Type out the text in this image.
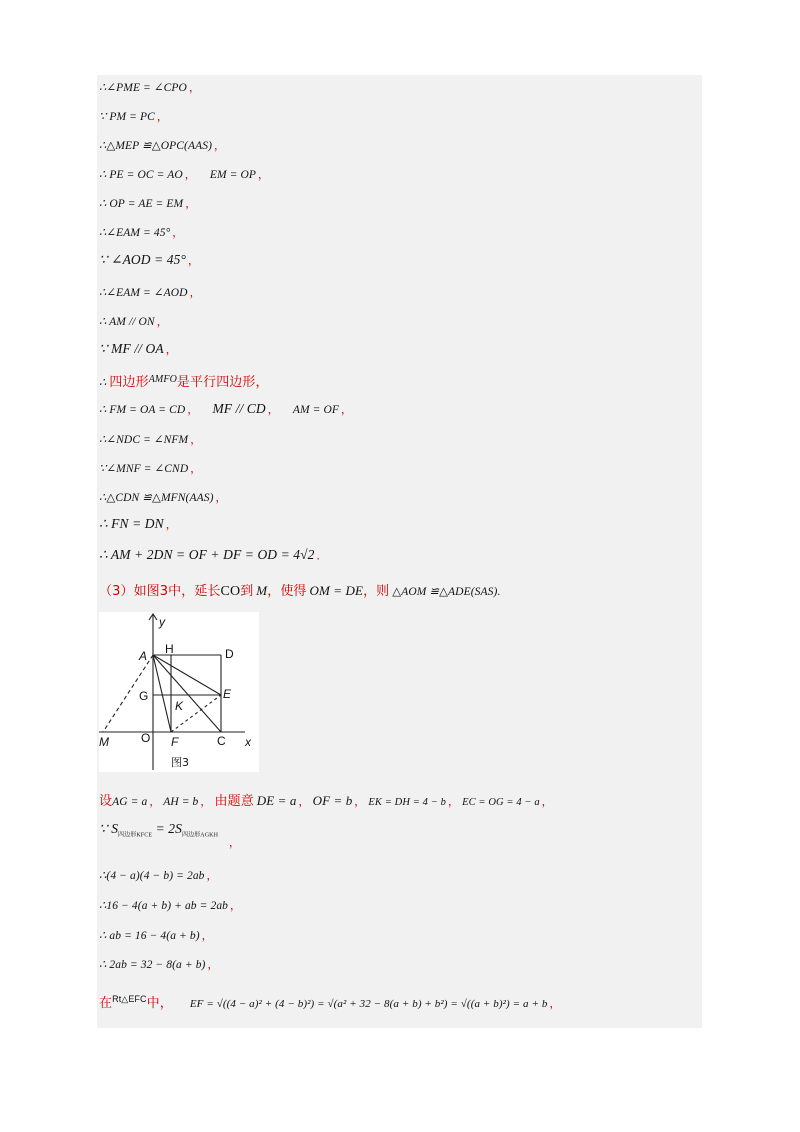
∴∠PME = ∠CPO ，
∵ PM = PC ，
∴△MEP ≌△OPC(AAS) ，
∴ PE = OC = AO ， EM = OP ，
∴ OP = AE = EM ，
∴∠EAM = 45° ，
∵ ∠AOD = 45° ，
∴∠EAM = ∠AOD ，
∴ AM // ON ，
∵ MF // OA ，
∴ 四边形AMFO是平行四边形，
∴ FM = OA = CD ， MF // CD ， AM = OF ，
∴∠NDC = ∠NFM ，
∵∠MNF = ∠CND ，
∴△CDN ≌△MFN(AAS) ，
∴ FN = DN ，
∴ AM + 2DN = OF + DF = OD = 4√2 ．
（3）如图3中，延长CO到 M，使得 OM = DE，则 △AOM ≌△ADE(SAS).
y
H	D
A
G	E
K
M	O F	C x
图3
设AG = a ， AH = b ， 由题意 DE = a ， OF = b ， EK = DH = 4 − b ， EC = OG = 4 − a ，
∵ $S_{四边形KFCE} = 2S_{四边形AGKH}$
，
∴(4 − a)(4 − b) = 2ab ，
∴16 − 4(a + b) + ab = 2ab ，
∴ ab = 16 − 4(a + b) ，
∴ 2ab = 32 − 8(a + b) ，
在$^{Rt\triangle EFC}$中， EF = √((4 − a)² + (4 − b)²) = √(a² + 32 − 8(a + b) + b²) = √((a + b)²) = a + b ，
